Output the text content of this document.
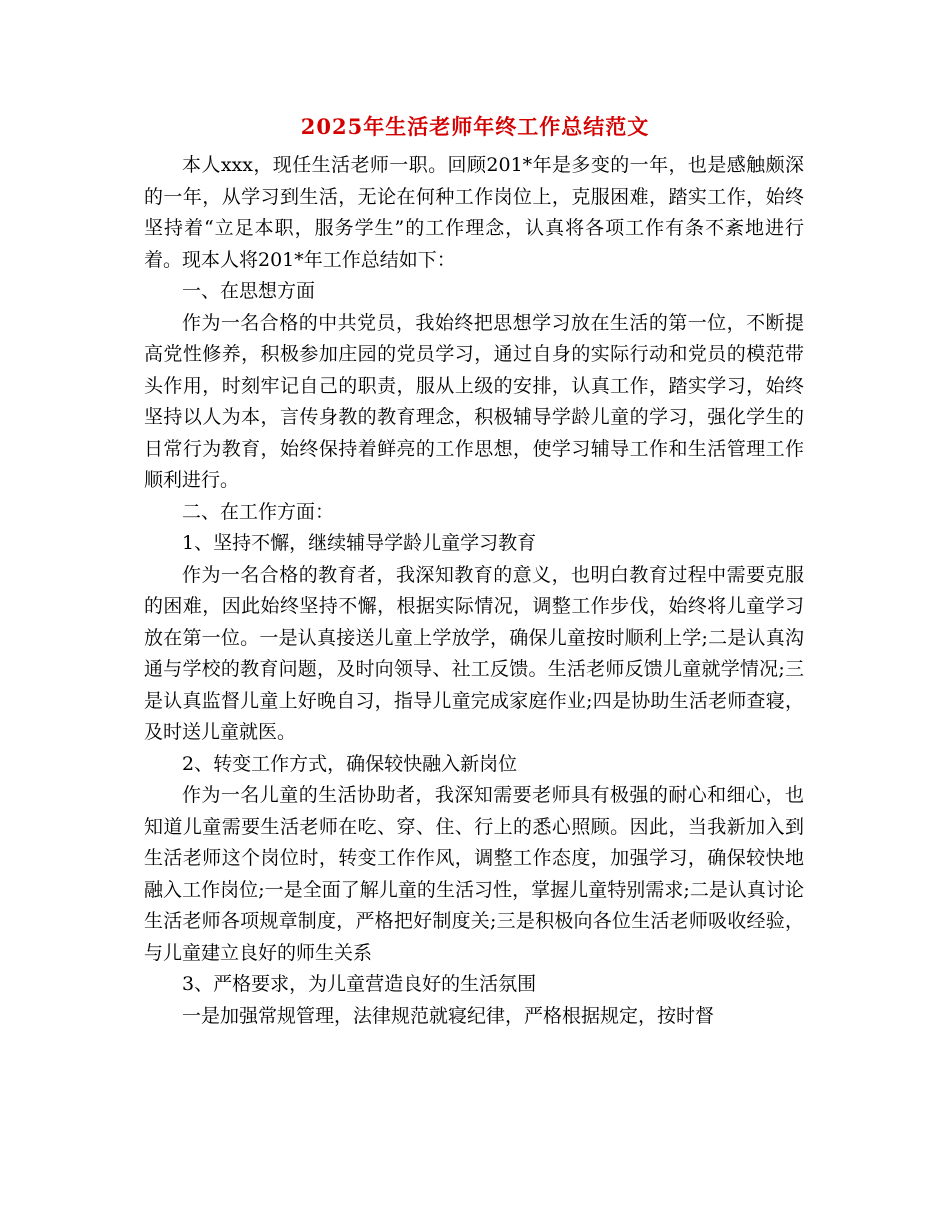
2025年生活老师年终工作总结范文

本人xxx，现任生活老师一职。回顾201*年是多变的一年，也是感触颇深的一年，从学习到生活，无论在何种工作岗位上，克服困难，踏实工作，始终坚持着“立足本职，服务学生”的工作理念，认真将各项工作有条不紊地进行着。现本人将201*年工作总结如下：

一、在思想方面

作为一名合格的中共党员，我始终把思想学习放在生活的第一位，不断提高党性修养，积极参加庄园的党员学习，通过自身的实际行动和党员的模范带头作用，时刻牢记自己的职责，服从上级的安排，认真工作，踏实学习，始终坚持以人为本，言传身教的教育理念，积极辅导学龄儿童的学习，强化学生的日常行为教育，始终保持着鲜亮的工作思想，使学习辅导工作和生活管理工作顺利进行。

二、在工作方面：

1、坚持不懈，继续辅导学龄儿童学习教育

作为一名合格的教育者，我深知教育的意义，也明白教育过程中需要克服的困难，因此始终坚持不懈，根据实际情况，调整工作步伐，始终将儿童学习放在第一位。一是认真接送儿童上学放学，确保儿童按时顺利上学;二是认真沟通与学校的教育问题，及时向领导、社工反馈。生活老师反馈儿童就学情况;三是认真监督儿童上好晚自习，指导儿童完成家庭作业;四是协助生活老师查寝，及时送儿童就医。

2、转变工作方式，确保较快融入新岗位

作为一名儿童的生活协助者，我深知需要老师具有极强的耐心和细心，也知道儿童需要生活老师在吃、穿、住、行上的悉心照顾。因此，当我新加入到生活老师这个岗位时，转变工作作风，调整工作态度，加强学习，确保较快地融入工作岗位;一是全面了解儿童的生活习性，掌握儿童特别需求;二是认真讨论生活老师各项规章制度，严格把好制度关;三是积极向各位生活老师吸收经验，与儿童建立良好的师生关系

3、严格要求，为儿童营造良好的生活氛围

一是加强常规管理，法律规范就寝纪律，严格根据规定，按时督
